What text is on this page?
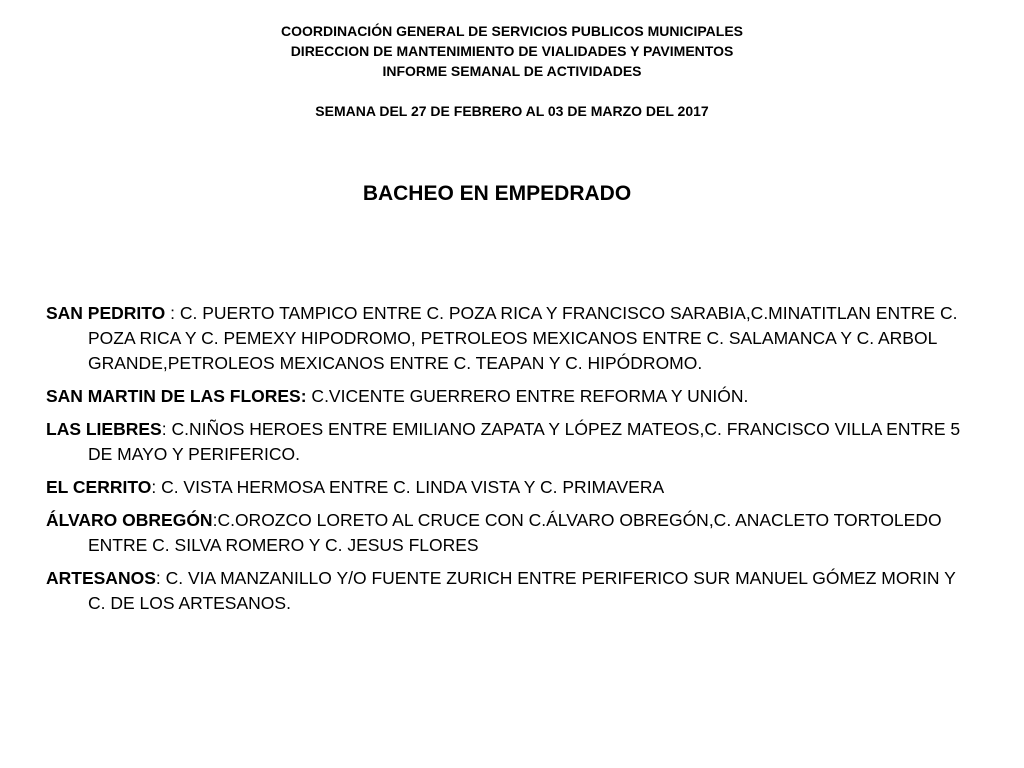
COORDINACIÓN GENERAL DE SERVICIOS PUBLICOS MUNICIPALES
DIRECCION DE MANTENIMIENTO DE VIALIDADES Y PAVIMENTOS
INFORME SEMANAL DE ACTIVIDADES
SEMANA DEL 27 DE FEBRERO AL 03 DE MARZO DEL 2017
BACHEO EN EMPEDRADO
SAN PEDRITO : C. PUERTO TAMPICO ENTRE C. POZA RICA Y FRANCISCO SARABIA,C.MINATITLAN ENTRE C. POZA RICA Y C. PEMEXY HIPODROMO, PETROLEOS MEXICANOS ENTRE C. SALAMANCA Y C. ARBOL GRANDE,PETROLEOS MEXICANOS ENTRE C. TEAPAN Y C. HIPÓDROMO.
SAN MARTIN DE LAS FLORES: C.VICENTE GUERRERO ENTRE REFORMA Y UNIÓN.
LAS LIEBRES: C.NIÑOS HEROES ENTRE EMILIANO ZAPATA Y LÓPEZ MATEOS,C. FRANCISCO VILLA ENTRE 5 DE MAYO Y PERIFERICO.
EL CERRITO: C. VISTA HERMOSA ENTRE C. LINDA VISTA Y C. PRIMAVERA
ÁLVARO OBREGÓN:C.OROZCO LORETO AL CRUCE CON C.ÁLVARO OBREGÓN,C. ANACLETO TORTOLEDO ENTRE C. SILVA ROMERO Y C. JESUS FLORES
ARTESANOS: C. VIA MANZANILLO Y/O FUENTE ZURICH ENTRE PERIFERICO SUR MANUEL GÓMEZ MORIN Y C. DE LOS ARTESANOS.
